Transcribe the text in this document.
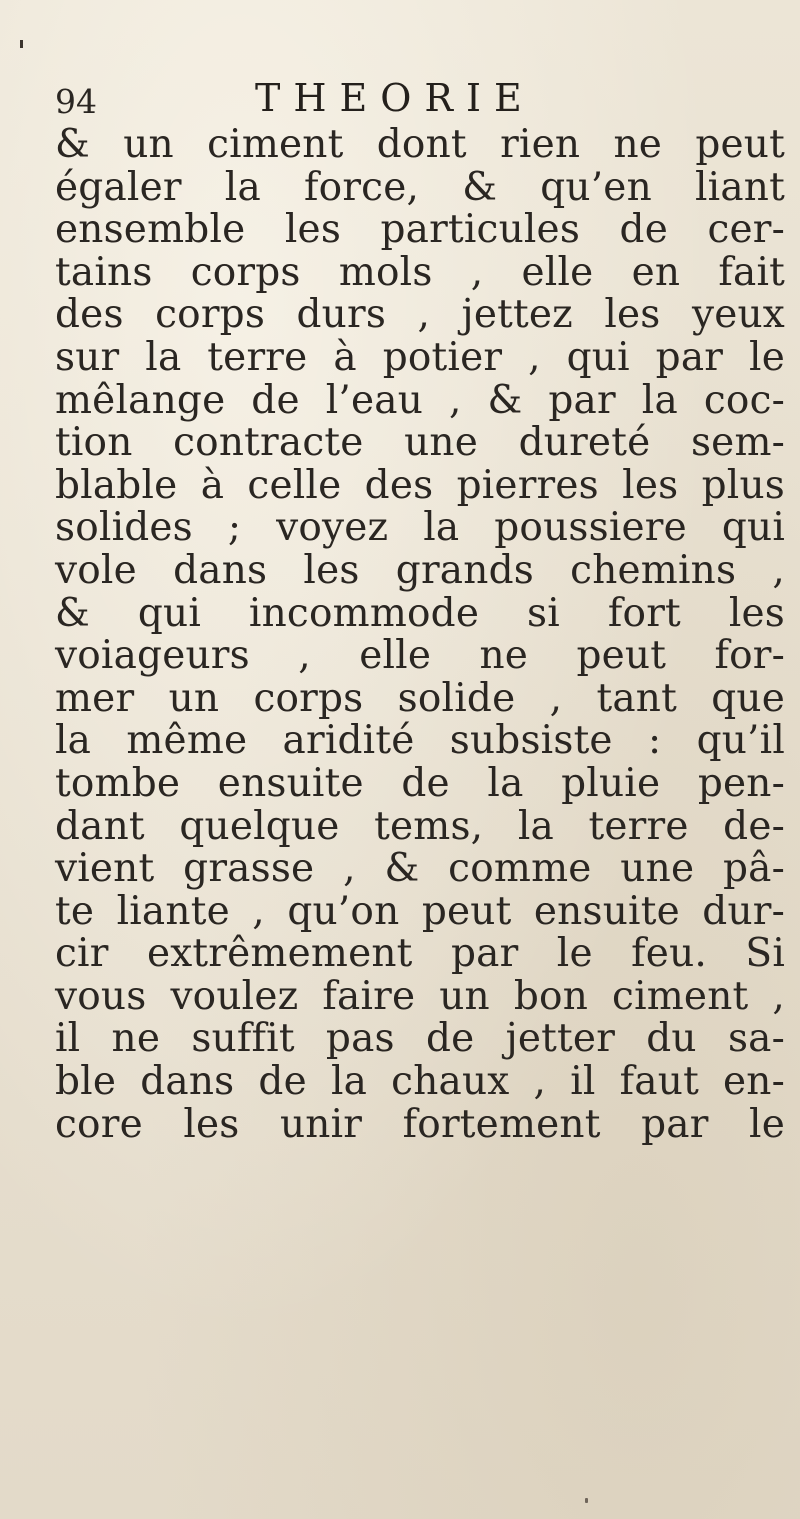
94	THEORIE
& un ciment dont rien ne peut
égaler la force, & qu’en liant
ensemble les particules de cer-
tains corps mols , elle en fait
des corps durs , jettez les yeux
sur la terre à potier , qui par le
mêlange de l’eau , & par la coc-
tion contracte une dureté sem-
blable à celle des pierres les plus
solides ; voyez la poussiere qui
vole dans les grands chemins ,
& qui incommode si fort les
voiageurs , elle ne peut for-
mer un corps solide , tant que
la même aridité subsiste : qu’il
tombe ensuite de la pluie pen-
dant quelque tems, la terre de-
vient grasse , & comme une pâ-
te liante , qu’on peut ensuite dur-
cir extrêmement par le feu. Si
vous voulez faire un bon ciment ,
il ne suffit pas de jetter du sa-
ble dans de la chaux , il faut en-
core les unir fortement par le
